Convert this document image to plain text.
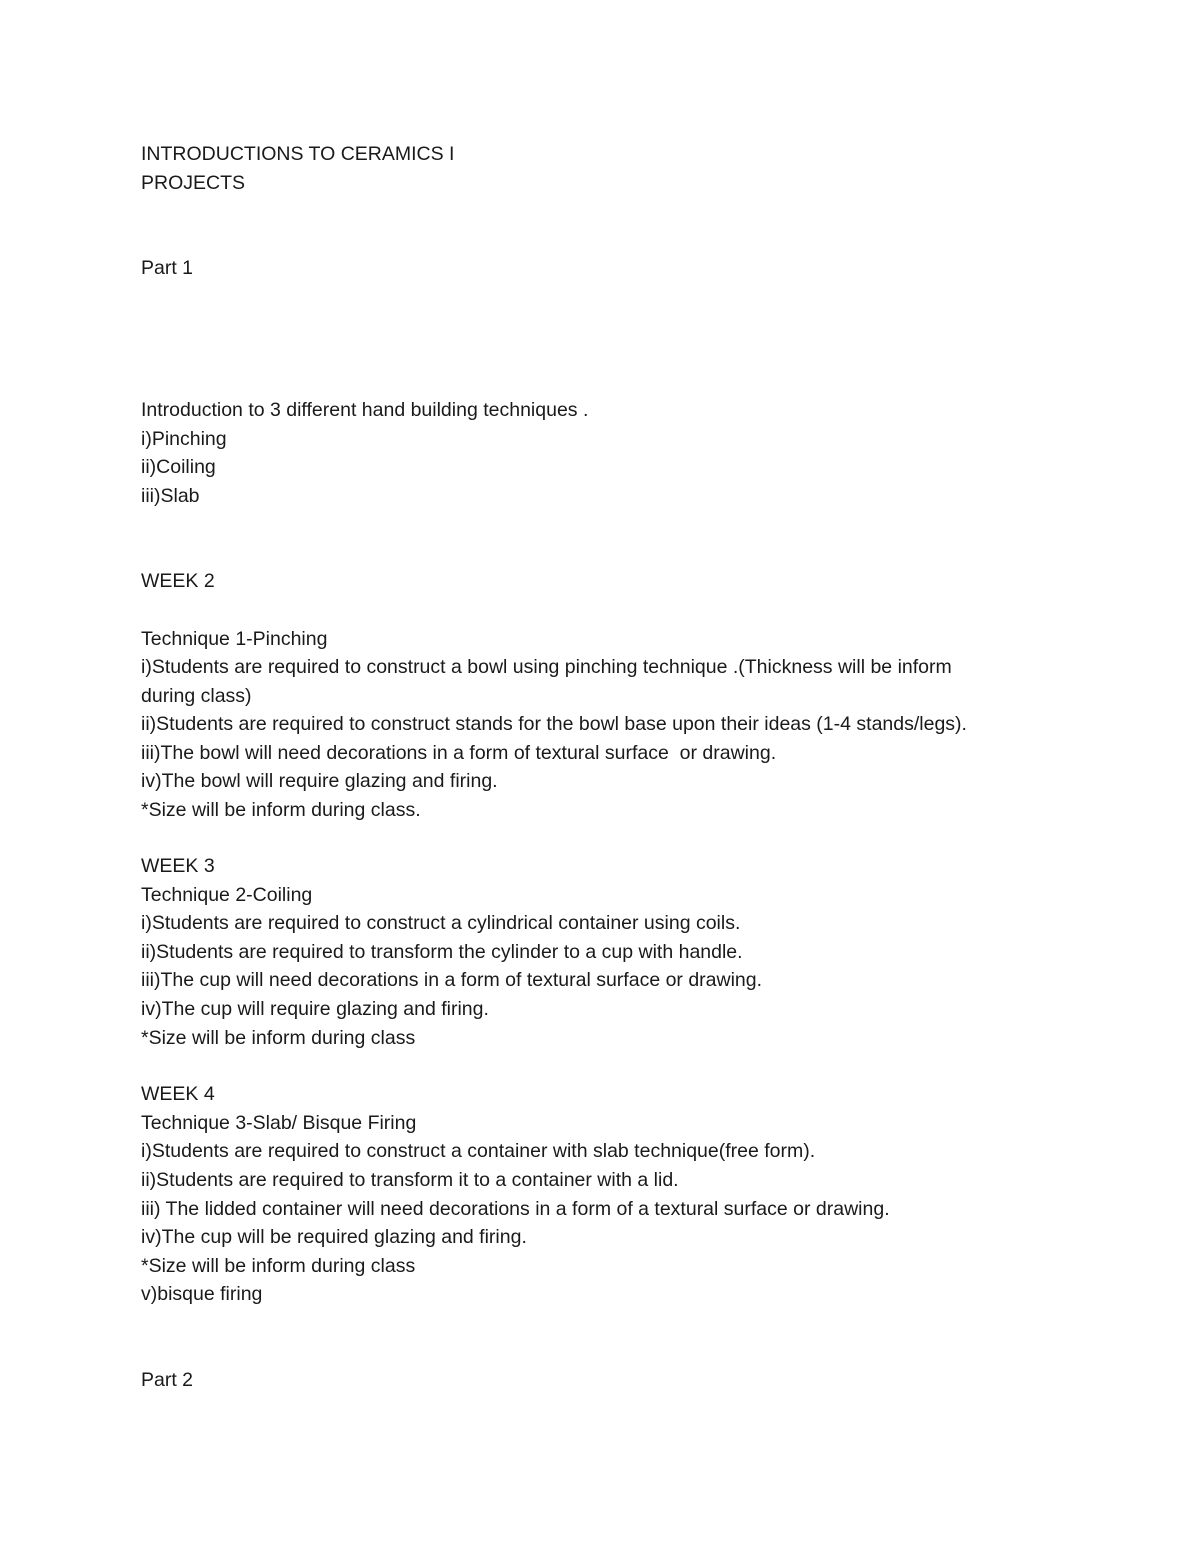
INTRODUCTIONS TO CERAMICS I
PROJECTS
Part 1
Introduction to 3 different hand building techniques .
i)Pinching
ii)Coiling
iii)Slab
WEEK 2
Technique 1-Pinching
i)Students are required to construct a bowl using pinching technique .(Thickness will be inform
during class)
ii)Students are required to construct stands for the bowl base upon their ideas (1-4 stands/legs).
iii)The bowl will need decorations in a form of textural surface  or drawing.
iv)The bowl will require glazing and firing.
*Size will be inform during class.
WEEK 3
Technique 2-Coiling
i)Students are required to construct a cylindrical container using coils.
ii)Students are required to transform the cylinder to a cup with handle.
iii)The cup will need decorations in a form of textural surface or drawing.
iv)The cup will require glazing and firing.
*Size will be inform during class
WEEK 4
Technique 3-Slab/ Bisque Firing
i)Students are required to construct a container with slab technique(free form).
ii)Students are required to transform it to a container with a lid.
iii) The lidded container will need decorations in a form of a textural surface or drawing.
iv)The cup will be required glazing and firing.
*Size will be inform during class
v)bisque firing
Part 2
